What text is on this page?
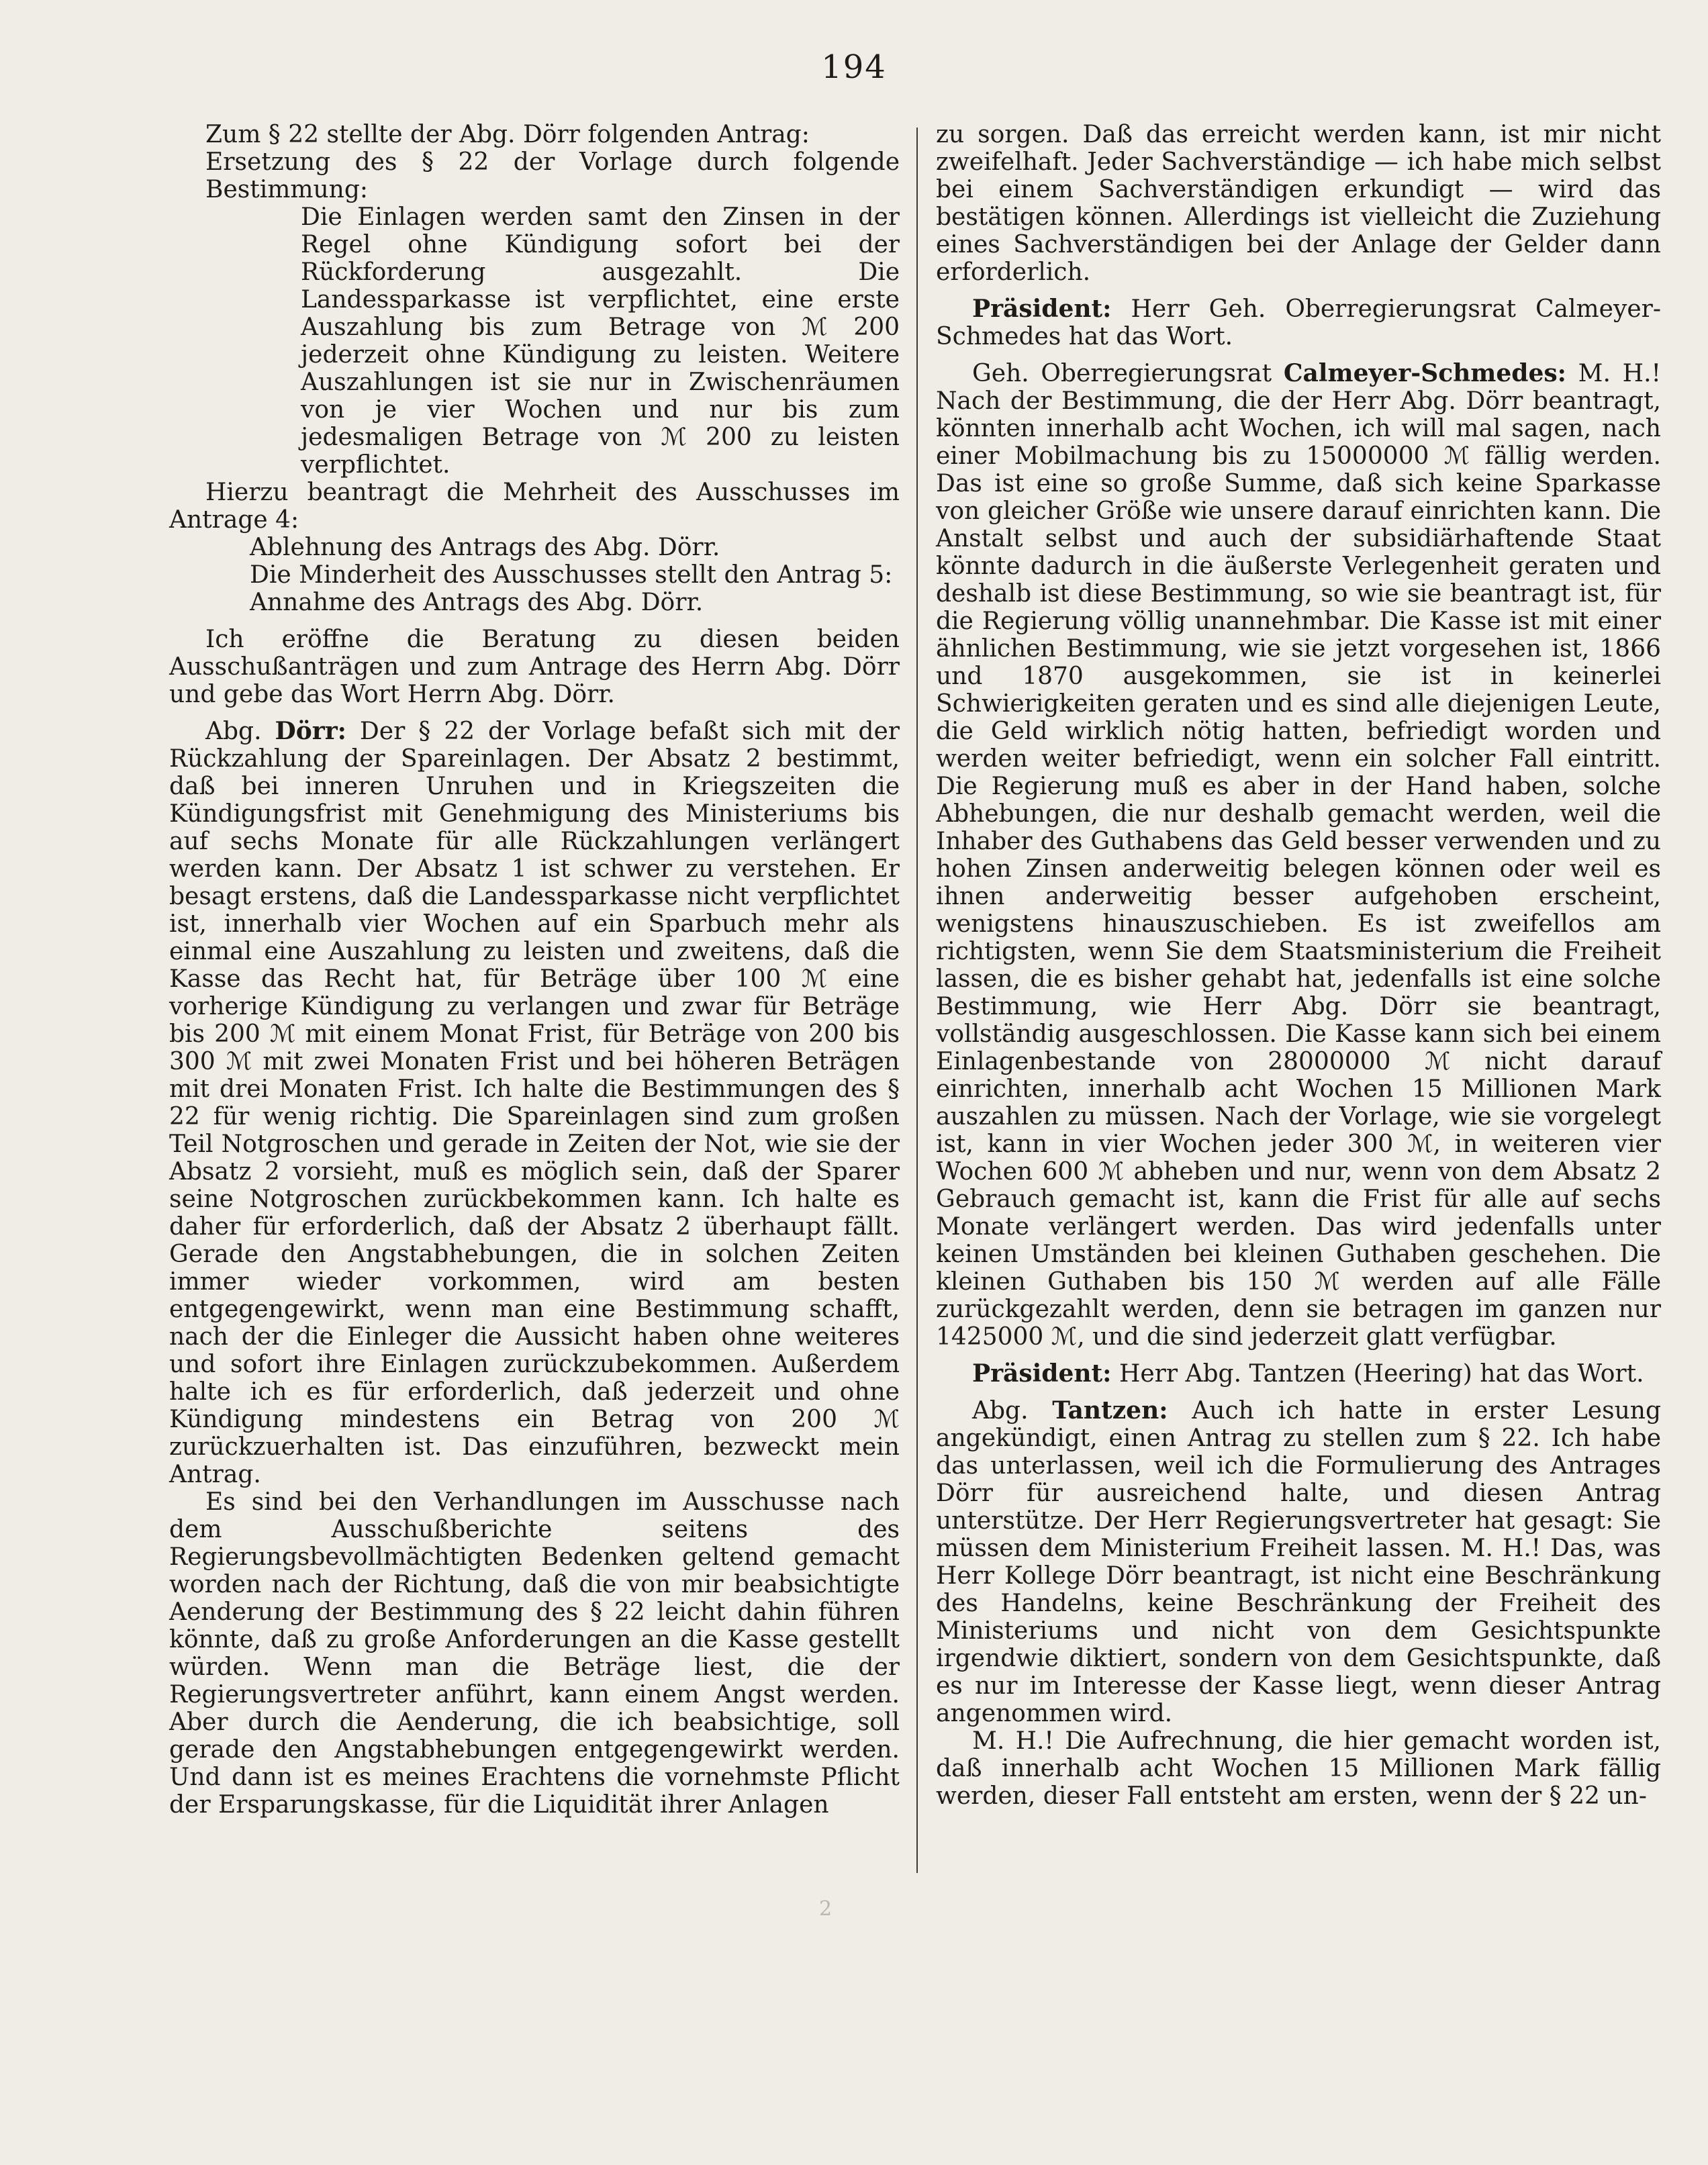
194

Zum § 22 stellte der Abg. Dörr folgenden Antrag:

Ersetzung des § 22 der Vorlage durch folgende Bestimmung:

Die Einlagen werden samt den Zinsen in der Regel ohne Kündigung sofort bei der Rückforderung ausgezahlt. Die Landessparkasse ist verpflichtet, eine erste Auszahlung bis zum Betrage von ℳ 200 jederzeit ohne Kündigung zu leisten. Weitere Auszahlungen ist sie nur in Zwischenräumen von je vier Wochen und nur bis zum jedesmaligen Betrage von ℳ 200 zu leisten verpflichtet.

Hierzu beantragt die Mehrheit des Ausschusses im Antrage 4:

Ablehnung des Antrags des Abg. Dörr.

Die Minderheit des Ausschusses stellt den Antrag 5:

Annahme des Antrags des Abg. Dörr.

Ich eröffne die Beratung zu diesen beiden Ausschußanträgen und zum Antrage des Herrn Abg. Dörr und gebe das Wort Herrn Abg. Dörr.

Abg. Dörr: Der § 22 der Vorlage befaßt sich mit der Rückzahlung der Spareinlagen. Der Absatz 2 bestimmt, daß bei inneren Unruhen und in Kriegszeiten die Kündigungsfrist mit Genehmigung des Ministeriums bis auf sechs Monate für alle Rückzahlungen verlängert werden kann. Der Absatz 1 ist schwer zu verstehen. Er besagt erstens, daß die Landessparkasse nicht verpflichtet ist, innerhalb vier Wochen auf ein Sparbuch mehr als einmal eine Auszahlung zu leisten und zweitens, daß die Kasse das Recht hat, für Beträge über 100 ℳ eine vorherige Kündigung zu verlangen und zwar für Beträge bis 200 ℳ mit einem Monat Frist, für Beträge von 200 bis 300 ℳ mit zwei Monaten Frist und bei höheren Beträgen mit drei Monaten Frist. Ich halte die Bestimmungen des § 22 für wenig richtig. Die Spareinlagen sind zum großen Teil Notgroschen und gerade in Zeiten der Not, wie sie der Absatz 2 vorsieht, muß es möglich sein, daß der Sparer seine Notgroschen zurückbekommen kann. Ich halte es daher für erforderlich, daß der Absatz 2 überhaupt fällt. Gerade den Angstabhebungen, die in solchen Zeiten immer wieder vorkommen, wird am besten entgegengewirkt, wenn man eine Bestimmung schafft, nach der die Einleger die Aussicht haben ohne weiteres und sofort ihre Einlagen zurückzubekommen. Außerdem halte ich es für erforderlich, daß jederzeit und ohne Kündigung mindestens ein Betrag von 200 ℳ zurückzuerhalten ist. Das einzuführen, bezweckt mein Antrag.

Es sind bei den Verhandlungen im Ausschusse nach dem Ausschußberichte seitens des Regierungsbevollmächtigten Bedenken geltend gemacht worden nach der Richtung, daß die von mir beabsichtigte Aenderung der Bestimmung des § 22 leicht dahin führen könnte, daß zu große Anforderungen an die Kasse gestellt würden. Wenn man die Beträge liest, die der Regierungsvertreter anführt, kann einem Angst werden. Aber durch die Aenderung, die ich beabsichtige, soll gerade den Angstabhebungen entgegengewirkt werden. Und dann ist es meines Erachtens die vornehmste Pflicht der Ersparungskasse, für die Liquidität ihrer Anlagen

zu sorgen. Daß das erreicht werden kann, ist mir nicht zweifelhaft. Jeder Sachverständige — ich habe mich selbst bei einem Sachverständigen erkundigt — wird das bestätigen können. Allerdings ist vielleicht die Zuziehung eines Sachverständigen bei der Anlage der Gelder dann erforderlich.

Präsident: Herr Geh. Oberregierungsrat Calmeyer-Schmedes hat das Wort.

Geh. Oberregierungsrat Calmeyer-Schmedes: M. H.! Nach der Bestimmung, die der Herr Abg. Dörr beantragt, könnten innerhalb acht Wochen, ich will mal sagen, nach einer Mobilmachung bis zu 15000000 ℳ fällig werden. Das ist eine so große Summe, daß sich keine Sparkasse von gleicher Größe wie unsere darauf einrichten kann. Die Anstalt selbst und auch der subsidiärhaftende Staat könnte dadurch in die äußerste Verlegenheit geraten und deshalb ist diese Bestimmung, so wie sie beantragt ist, für die Regierung völlig unannehmbar. Die Kasse ist mit einer ähnlichen Bestimmung, wie sie jetzt vorgesehen ist, 1866 und 1870 ausgekommen, sie ist in keinerlei Schwierigkeiten geraten und es sind alle diejenigen Leute, die Geld wirklich nötig hatten, befriedigt worden und werden weiter befriedigt, wenn ein solcher Fall eintritt. Die Regierung muß es aber in der Hand haben, solche Abhebungen, die nur deshalb gemacht werden, weil die Inhaber des Guthabens das Geld besser verwenden und zu hohen Zinsen anderweitig belegen können oder weil es ihnen anderweitig besser aufgehoben erscheint, wenigstens hinauszuschieben. Es ist zweifellos am richtigsten, wenn Sie dem Staatsministerium die Freiheit lassen, die es bisher gehabt hat, jedenfalls ist eine solche Bestimmung, wie Herr Abg. Dörr sie beantragt, vollständig ausgeschlossen. Die Kasse kann sich bei einem Einlagenbestande von 28000000 ℳ nicht darauf einrichten, innerhalb acht Wochen 15 Millionen Mark auszahlen zu müssen. Nach der Vorlage, wie sie vorgelegt ist, kann in vier Wochen jeder 300 ℳ, in weiteren vier Wochen 600 ℳ abheben und nur, wenn von dem Absatz 2 Gebrauch gemacht ist, kann die Frist für alle auf sechs Monate verlängert werden. Das wird jedenfalls unter keinen Umständen bei kleinen Guthaben geschehen. Die kleinen Guthaben bis 150 ℳ werden auf alle Fälle zurückgezahlt werden, denn sie betragen im ganzen nur 1425000 ℳ, und die sind jederzeit glatt verfügbar.

Präsident: Herr Abg. Tantzen (Heering) hat das Wort.

Abg. Tantzen: Auch ich hatte in erster Lesung angekündigt, einen Antrag zu stellen zum § 22. Ich habe das unterlassen, weil ich die Formulierung des Antrages Dörr für ausreichend halte, und diesen Antrag unterstütze. Der Herr Regierungsvertreter hat gesagt: Sie müssen dem Ministerium Freiheit lassen. M. H.! Das, was Herr Kollege Dörr beantragt, ist nicht eine Beschränkung des Handelns, keine Beschränkung der Freiheit des Ministeriums und nicht von dem Gesichtspunkte irgendwie diktiert, sondern von dem Gesichtspunkte, daß es nur im Interesse der Kasse liegt, wenn dieser Antrag angenommen wird.

M. H.! Die Aufrechnung, die hier gemacht worden ist, daß innerhalb acht Wochen 15 Millionen Mark fällig werden, dieser Fall entsteht am ersten, wenn der § 22 un-

2
